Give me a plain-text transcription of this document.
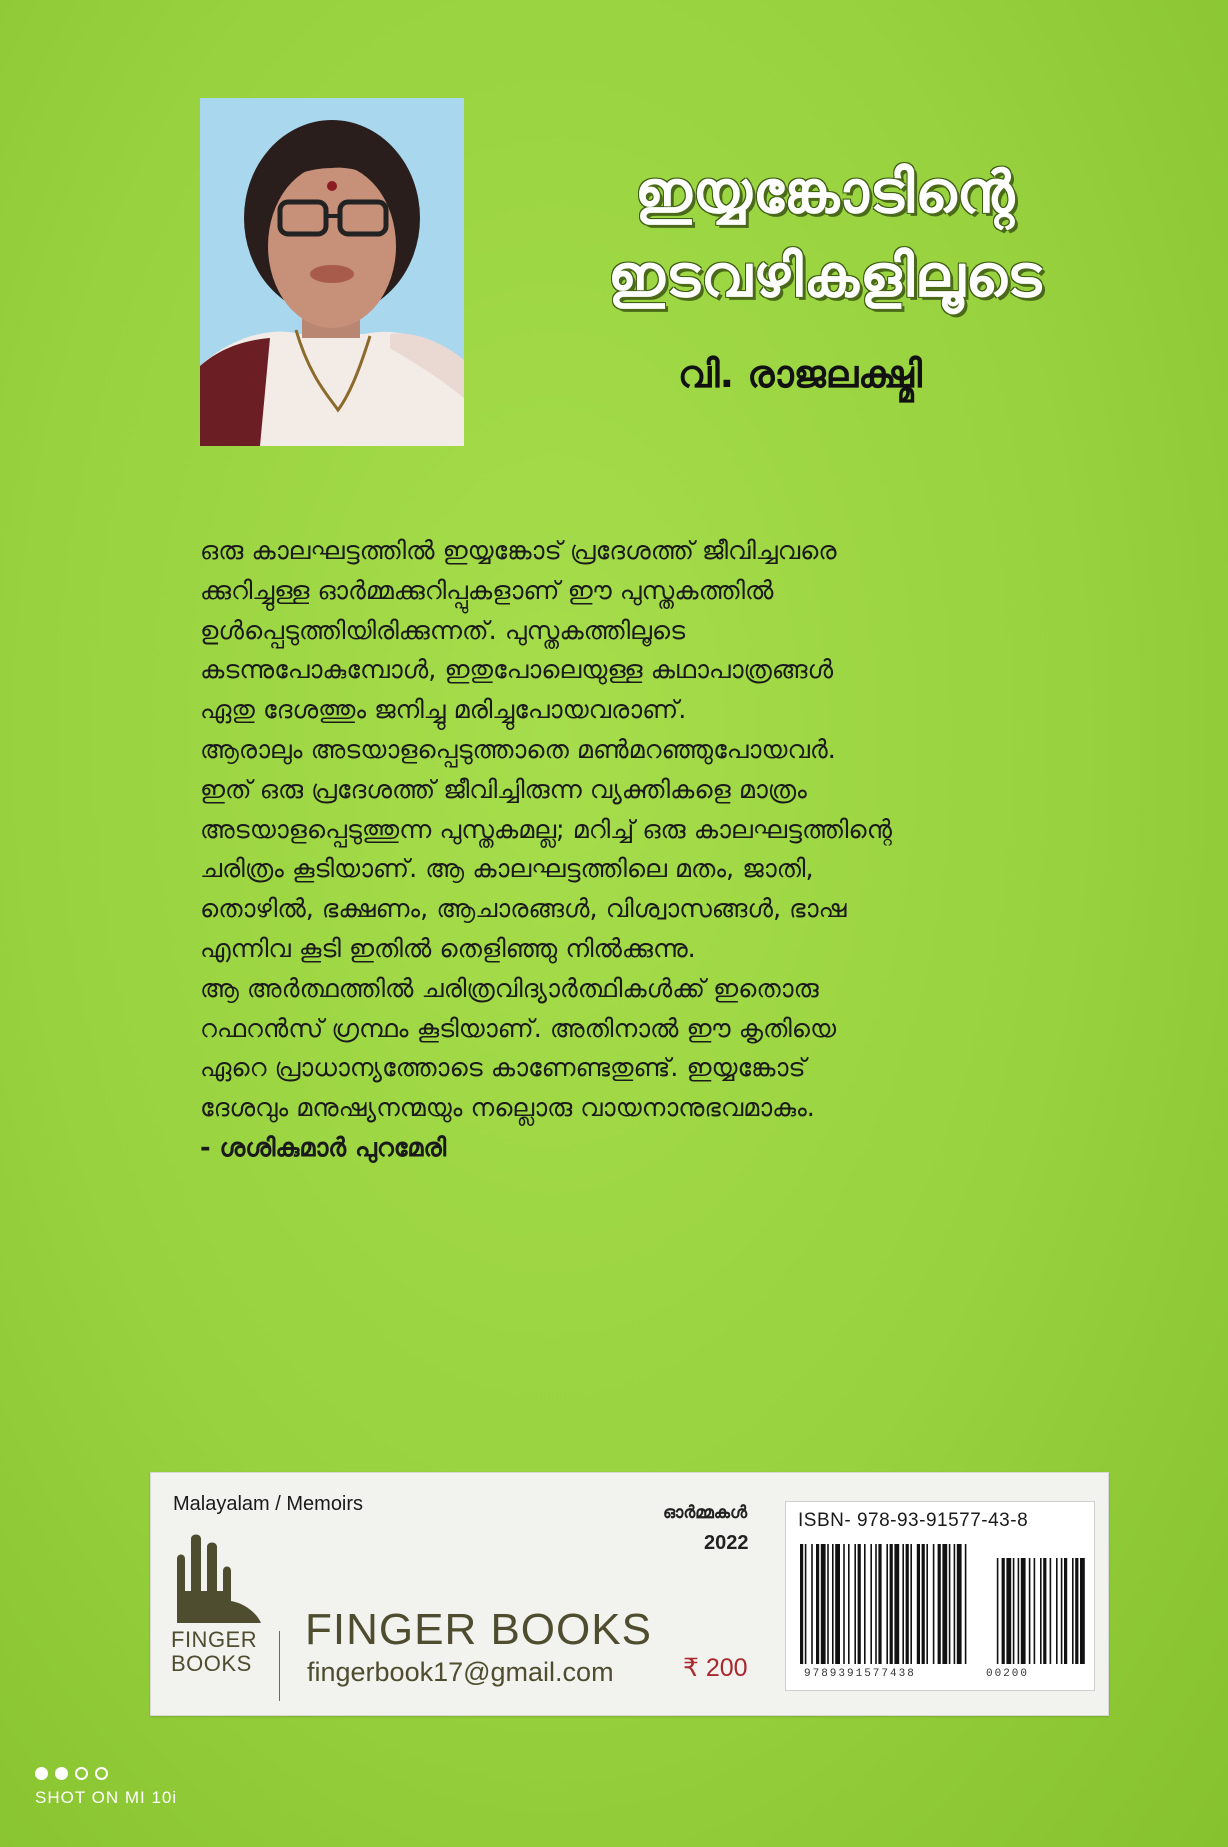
ഇയ്യങ്കോടിന്റെ
ഇടവഴികളിലൂടെ
വി. രാജലക്ഷ്മി
ഒരു കാലഘട്ടത്തിൽ ഇയ്യങ്കോട് പ്രദേശത്ത് ജീവിച്ചവരെ
ക്കുറിച്ചുള്ള ഓർമ്മക്കുറിപ്പുകളാണ് ഈ പുസ്തകത്തിൽ
ഉൾപ്പെടുത്തിയിരിക്കുന്നത്. പുസ്തകത്തിലൂടെ
കടന്നുപോകുമ്പോൾ, ഇതുപോലെയുള്ള കഥാപാത്രങ്ങൾ
ഏതു ദേശത്തും ജനിച്ചു മരിച്ചുപോയവരാണ്.
ആരാലും അടയാളപ്പെടുത്താതെ മൺമറഞ്ഞുപോയവർ.
ഇത് ഒരു പ്രദേശത്ത് ജീവിച്ചിരുന്ന വ്യക്തികളെ മാത്രം
അടയാളപ്പെടുത്തുന്ന പുസ്തകമല്ല; മറിച്ച് ഒരു കാലഘട്ടത്തിന്റെ
ചരിത്രം കൂടിയാണ്. ആ കാലഘട്ടത്തിലെ മതം, ജാതി,
തൊഴിൽ, ഭക്ഷണം, ആചാരങ്ങൾ, വിശ്വാസങ്ങൾ, ഭാഷ
എന്നിവ കൂടി ഇതിൽ തെളിഞ്ഞു നിൽക്കുന്നു.
ആ അർത്ഥത്തിൽ ചരിത്രവിദ്യാർത്ഥികൾക്ക് ഇതൊരു
റഫറൻസ് ഗ്രന്ഥം കൂടിയാണ്. അതിനാൽ ഈ കൃതിയെ
ഏറെ പ്രാധാന്യത്തോടെ കാണേണ്ടതുണ്ട്. ഇയ്യങ്കോട്
ദേശവും മനുഷ്യനന്മയും നല്ലൊരു വായനാനുഭവമാകും.
- ശശികുമാർ പുറമേരി
Malayalam / Memoirs
FINGER
BOOKS
FINGER BOOKS
fingerbook17@gmail.com
ഓർമ്മകൾ
2022
₹ 200
ISBN- 978-93-91577-43-8
9789391577438	00200
SHOT ON MI 10i
